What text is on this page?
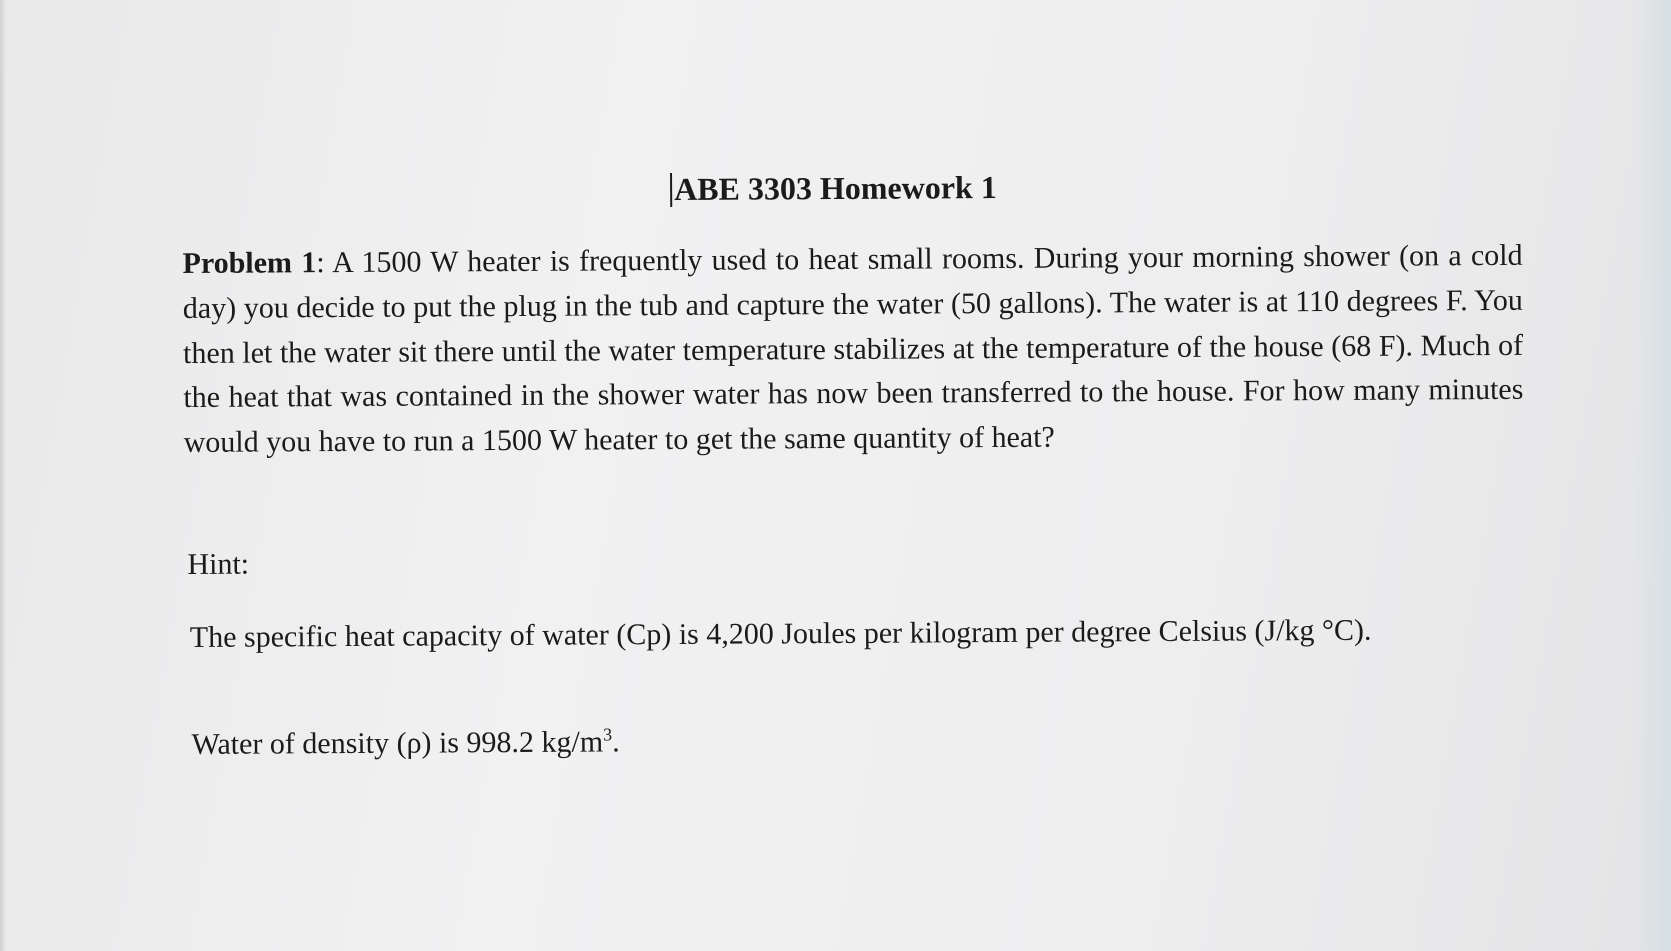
ABE 3303 Homework 1

Problem 1: A 1500 W heater is frequently used to heat small rooms. During your morning shower (on a cold day) you decide to put the plug in the tub and capture the water (50 gallons). The water is at 110 degrees F. You then let the water sit there until the water temperature stabilizes at the temperature of the house (68 F). Much of the heat that was contained in the shower water has now been transferred to the house. For how many minutes would you have to run a 1500 W heater to get the same quantity of heat?

Hint:

The specific heat capacity of water (Cp) is 4,200 Joules per kilogram per degree Celsius (J/kg °C).

Water of density (ρ) is 998.2 $kg/m^3$.
